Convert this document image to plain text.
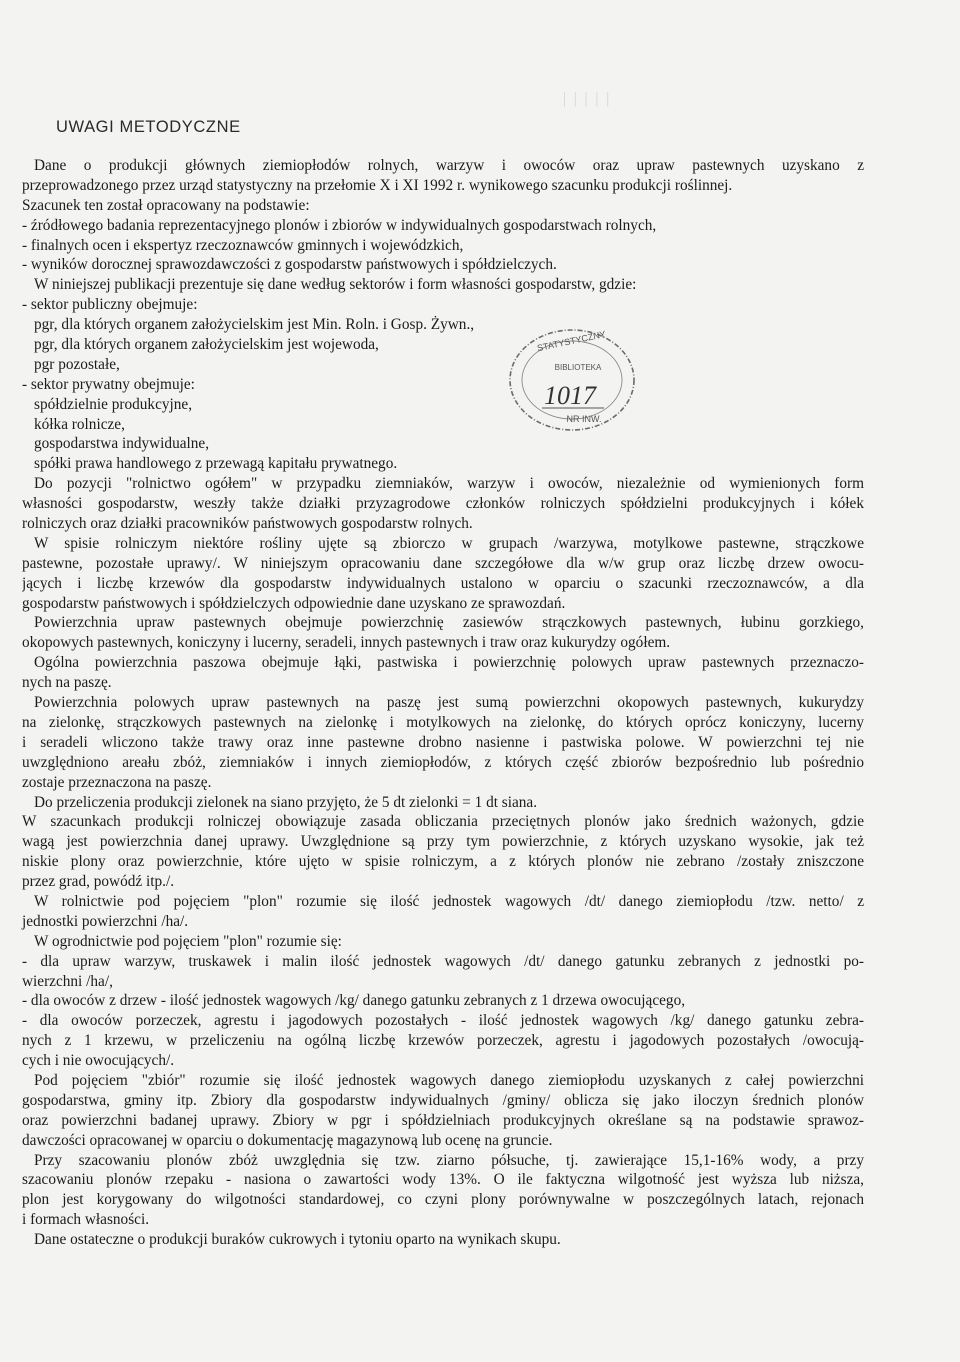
│ │ │ │ │
UWAGI METODYCZNE
Dane o produkcji głównych ziemiopłodów rolnych, warzyw i owoców oraz upraw pastewnych uzyskano z
przeprowadzonego przez urząd statystyczny na przełomie X i XI 1992 r. wynikowego szacunku produkcji roślinnej.
Szacunek ten został opracowany na podstawie:
- źródłowego badania reprezentacyjnego plonów i zbiorów w indywidualnych gospodarstwach rolnych,
- finalnych ocen i ekspertyz rzeczoznawców gminnych i wojewódzkich,
- wyników dorocznej sprawozdawczości z gospodarstw państwowych i spółdzielczych.
W niniejszej publikacji prezentuje się dane według sektorów i form własności gospodarstw, gdzie:
- sektor publiczny obejmuje:
pgr, dla których organem założycielskim jest Min. Roln. i Gosp. Żywn.,
pgr, dla których organem założycielskim jest wojewoda,
pgr pozostałe,
- sektor prywatny obejmuje:
spółdzielnie produkcyjne,
kółka rolnicze,
gospodarstwa indywidualne,
spółki prawa handlowego z przewagą kapitału prywatnego.
Do pozycji "rolnictwo ogółem" w przypadku ziemniaków, warzyw i owoców, niezależnie od wymienionych form
własności gospodarstw, weszły także działki przyzagrodowe członków rolniczych spółdzielni produkcyjnych i kółek
rolniczych oraz działki pracowników państwowych gospodarstw rolnych.
W spisie rolniczym niektóre rośliny ujęte są zbiorczo w grupach /warzywa, motylkowe pastewne, strączkowe
pastewne, pozostałe uprawy/. W niniejszym opracowaniu dane szczegółowe dla w/w grup oraz liczbę drzew owocu-
jących i liczbę krzewów dla gospodarstw indywidualnych ustalono w oparciu o szacunki rzeczoznawców, a dla
gospodarstw państwowych i spółdzielczych odpowiednie dane uzyskano ze sprawozdań.
Powierzchnia upraw pastewnych obejmuje powierzchnię zasiewów strączkowych pastewnych, łubinu gorzkiego,
okopowych pastewnych, koniczyny i lucerny, seradeli, innych pastewnych i traw oraz kukurydzy ogółem.
Ogólna powierzchnia paszowa obejmuje łąki, pastwiska i powierzchnię polowych upraw pastewnych przeznaczo-
nych na paszę.
Powierzchnia polowych upraw pastewnych na paszę jest sumą powierzchni okopowych pastewnych, kukurydzy
na zielonkę, strączkowych pastewnych na zielonkę i motylkowych na zielonkę, do których oprócz koniczyny, lucerny
i seradeli wliczono także trawy oraz inne pastewne drobno nasienne i pastwiska polowe. W powierzchni tej nie
uwzględniono areału zbóż, ziemniaków i innych ziemiopłodów, z których część zbiorów bezpośrednio lub pośrednio
zostaje przeznaczona na paszę.
Do przeliczenia produkcji zielonek na siano przyjęto, że 5 dt zielonki = 1 dt siana.
W szacunkach produkcji rolniczej obowiązuje zasada obliczania przeciętnych plonów jako średnich ważonych, gdzie
wagą jest powierzchnia danej uprawy. Uwzględnione są przy tym powierzchnie, z których uzyskano wysokie, jak też
niskie plony oraz powierzchnie, które ujęto w spisie rolniczym, a z których plonów nie zebrano /zostały zniszczone
przez grad, powódź itp./.
W rolnictwie pod pojęciem "plon" rozumie się ilość jednostek wagowych /dt/ danego ziemiopłodu /tzw. netto/ z
jednostki powierzchni /ha/.
W ogrodnictwie pod pojęciem "plon" rozumie się:
- dla upraw warzyw, truskawek i malin ilość jednostek wagowych /dt/ danego gatunku zebranych z jednostki po-
wierzchni /ha/,
- dla owoców z drzew - ilość jednostek wagowych /kg/ danego gatunku zebranych z 1 drzewa owocującego,
- dla owoców porzeczek, agrestu i jagodowych pozostałych - ilość jednostek wagowych /kg/ danego gatunku zebra-
nych z 1 krzewu, w przeliczeniu na ogólną liczbę krzewów porzeczek, agrestu i jagodowych pozostałych /owocują-
cych i nie owocujących/.
Pod pojęciem "zbiór" rozumie się ilość jednostek wagowych danego ziemiopłodu uzyskanych z całej powierzchni
gospodarstwa, gminy itp. Zbiory dla gospodarstw indywidualnych /gminy/ oblicza się jako iloczyn średnich plonów
oraz powierzchni badanej uprawy. Zbiory w pgr i spółdzielniach produkcyjnych określane są na podstawie sprawoz-
dawczości opracowanej w oparciu o dokumentację magazynową lub ocenę na gruncie.
Przy szacowaniu plonów zbóż uwzględnia się tzw. ziarno półsuche, tj. zawierające 15,1-16% wody, a przy
szacowaniu plonów rzepaku - nasiona o zawartości wody 13%. O ile faktyczna wilgotność jest wyższa lub niższa,
plon jest korygowany do wilgotności standardowej, co czyni plony porównywalne w poszczególnych latach, rejonach
i formach własności.
Dane ostateczne o produkcji buraków cukrowych i tytoniu oparto na wynikach skupu.
STATYSTYCZNY
BIBLIOTEKA
1017
NR INW.
